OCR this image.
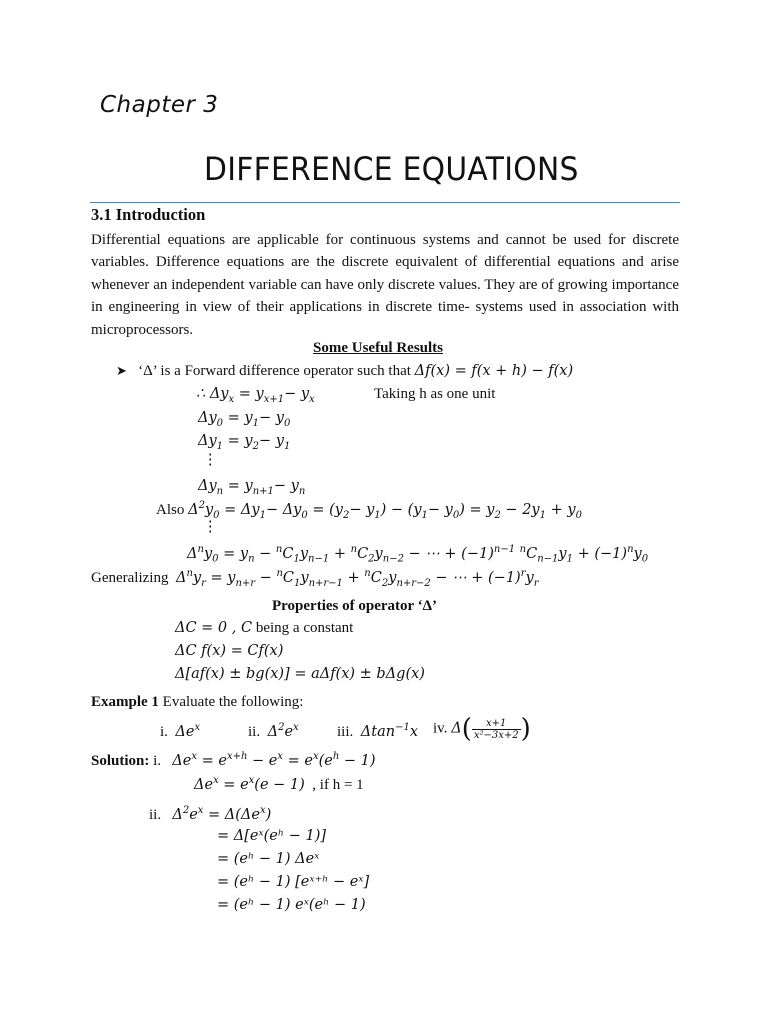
Chapter 3
DIFFERENCE EQUATIONS
3.1 Introduction
Differential equations are applicable for continuous systems and cannot be used for discrete variables. Difference equations are the discrete equivalent of differential equations and arise whenever an independent variable can have only discrete values. They are of growing importance in engineering in view of their applications in discrete time- systems used in association with microprocessors.
Some Useful Results
➤ ‘Δ’ is a Forward difference operator such that Δf(x) = f(x + h) − f(x)
∴ $\Delta y_x = y_{x+1}- y_x$	Taking h as one unit
$\Delta y_0 = y_1- y_0$
$\Delta y_1 = y_2- y_1$
⋮
$\Delta y_n = y_{n+1}- y_n$
Also $\Delta^2y_0 = \Delta y_1- \Delta y_0 = (y_2- y_1) - (y_1- y_0) = y_2 - 2y_1 + y_0$
⋮
$\Delta^ny_0 = y_n - ^nC_1y_{n-1} + ^nC_2y_{n-2}$ − ⋯ + $(-1)^{n-1}$ $^nC_{n-1}y_1 + (-1)^ny_0$
Generalizing $\Delta^ny_r = y_{n+r} - ^nC_1y_{n+r-1} + ^nC_2y_{n+r-2}$ − ⋯ + $(-1)^ry_r$
Properties of operator ‘Δ’
ΔC = 0 , C being a constant
ΔC f(x) = Cf(x)
Δ[af(x) ± bg(x)] = aΔf(x) ± bΔg(x)
Example 1 Evaluate the following:
i. $\Delta e^x$	ii. $\Delta^2e^x$	iii. Δtan$^{-1}$x iv. $\Delta( \frac{x+1}{\text{x²−3x+2}}$ )
Solution: i. $\Delta e^x = e^{x+h} - e^x = e^x(e^h - 1)$
$\Delta e^x = e^x(e - 1)$ , if h = 1
ii. $\Delta^2e^x = \Delta(\Delta e^x)$
= Δ[eˣ(eʰ − 1)]
= (eʰ − 1) Δeˣ
= (eʰ − 1) [eˣ⁺ʰ − eˣ]
= (eʰ − 1) eˣ(eʰ − 1)
